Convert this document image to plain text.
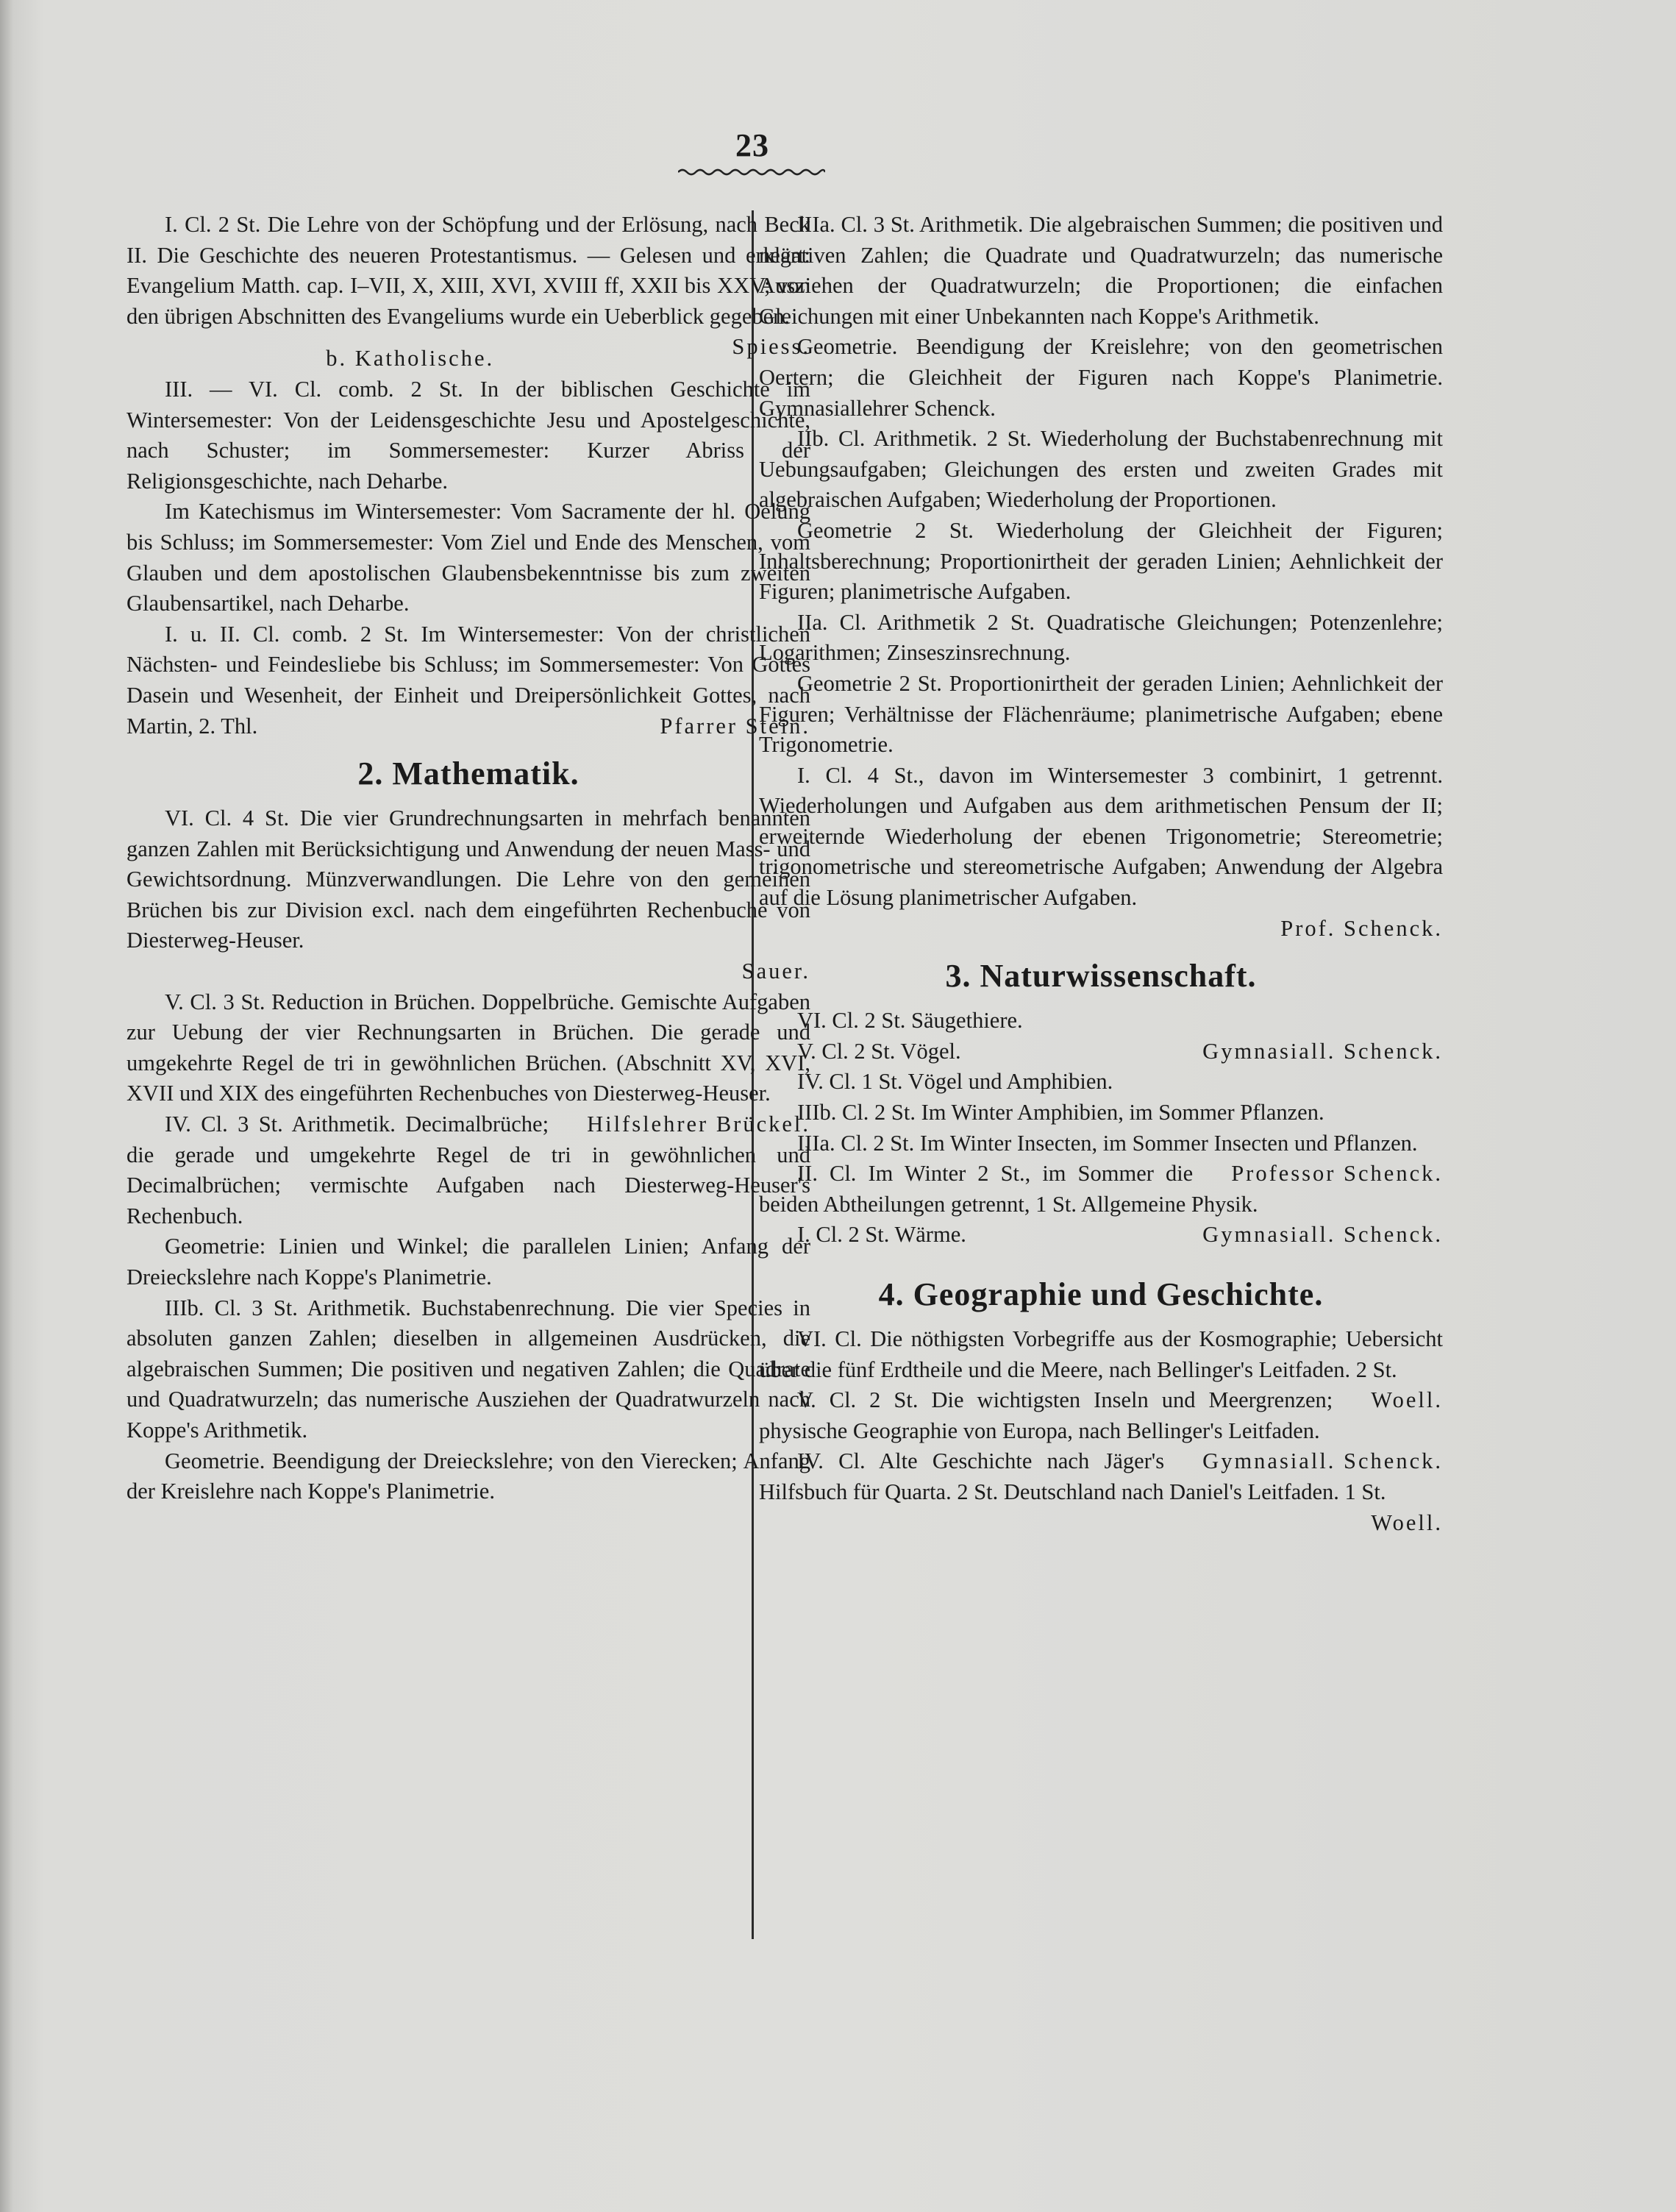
23

I. Cl. 2 St. Die Lehre von der Schöpfung und der Erlösung, nach Beck II. Die Geschichte des neueren Protestantismus. — Gelesen und erklärt: Evangelium Matth. cap. I–VII, X, XIII, XVI, XVIII ff, XXII bis XXV; von den übrigen Abschnitten des Evangeliums wurde ein Ueberblick gegeben.
Spiess.

b. Katholische.

III. — VI. Cl. comb. 2 St. In der biblischen Geschichte im Wintersemester: Von der Leidensgeschichte Jesu und Apostelgeschichte, nach Schuster; im Sommersemester: Kurzer Abriss der Religionsgeschichte, nach Deharbe.

Im Katechismus im Wintersemester: Vom Sacramente der hl. Oelung bis Schluss; im Sommersemester: Vom Ziel und Ende des Menschen, vom Glauben und dem apostolischen Glaubensbekenntnisse bis zum zweiten Glaubensartikel, nach Deharbe.

I. u. II. Cl. comb. 2 St. Im Wintersemester: Von der christlichen Nächsten- und Feindesliebe bis Schluss; im Sommersemester: Von Gottes Dasein und Wesenheit, der Einheit und Dreipersönlichkeit Gottes, nach Martin, 2. Thl.	Pfarrer Stein.

2. Mathematik.

VI. Cl. 4 St. Die vier Grundrechnungsarten in mehrfach benannten ganzen Zahlen mit Berücksichtigung und Anwendung der neuen Mass- und Gewichtsordnung. Münzverwandlungen. Die Lehre von den gemeinen Brüchen bis zur Division excl. nach dem eingeführten Rechenbuche von Diesterweg-Heuser.

Sauer.

V. Cl. 3 St. Reduction in Brüchen. Doppelbrüche. Gemischte Aufgaben zur Uebung der vier Rechnungsarten in Brüchen. Die gerade und umgekehrte Regel de tri in gewöhnlichen Brüchen. (Abschnitt XV, XVI, XVII und XIX des eingeführten Rechenbuches von Diesterweg-Heuser.
Hilfslehrer Brückel.

IV. Cl. 3 St. Arithmetik. Decimalbrüche; die gerade und umgekehrte Regel de tri in gewöhnlichen und Decimalbrüchen; vermischte Aufgaben nach Diesterweg-Heuser's Rechenbuch.

Geometrie: Linien und Winkel; die parallelen Linien; Anfang der Dreieckslehre nach Koppe's Planimetrie.

IIIb. Cl. 3 St. Arithmetik. Buchstabenrechnung. Die vier Species in absoluten ganzen Zahlen; dieselben in allgemeinen Ausdrücken, die algebraischen Summen; Die positiven und negativen Zahlen; die Quadrate und Quadratwurzeln; das numerische Ausziehen der Quadratwurzeln nach Koppe's Arithmetik.

Geometrie. Beendigung der Dreieckslehre; von den Vierecken; Anfang der Kreislehre nach Koppe's Planimetrie.

IIIa. Cl. 3 St. Arithmetik. Die algebraischen Summen; die positiven und negativen Zahlen; die Quadrate und Quadratwurzeln; das numerische Ausziehen der Quadratwurzeln; die Proportionen; die einfachen Gleichungen mit einer Unbekannten nach Koppe's Arithmetik.

Geometrie. Beendigung der Kreislehre; von den geometrischen Oertern; die Gleichheit der Figuren nach Koppe's Planimetrie. Gymnasiallehrer Schenck.

IIb. Cl. Arithmetik. 2 St. Wiederholung der Buchstabenrechnung mit Uebungsaufgaben; Gleichungen des ersten und zweiten Grades mit algebraischen Aufgaben; Wiederholung der Proportionen.

Geometrie 2 St. Wiederholung der Gleichheit der Figuren; Inhaltsberechnung; Proportionirtheit der geraden Linien; Aehnlichkeit der Figuren; planimetrische Aufgaben.

IIa. Cl. Arithmetik 2 St. Quadratische Gleichungen; Potenzenlehre; Logarithmen; Zinseszinsrechnung.

Geometrie 2 St. Proportionirtheit der geraden Linien; Aehnlichkeit der Figuren; Verhältnisse der Flächenräume; planimetrische Aufgaben; ebene Trigonometrie.

I. Cl. 4 St., davon im Wintersemester 3 combinirt, 1 getrennt. Wiederholungen und Aufgaben aus dem arithmetischen Pensum der II; erweiternde Wiederholung der ebenen Trigonometrie; Stereometrie; trigonometrische und stereometrische Aufgaben; Anwendung der Algebra auf die Lösung planimetrischer Aufgaben.

Prof. Schenck.

3. Naturwissenschaft.

VI. Cl. 2 St. Säugethiere.

V. Cl. 2 St. Vögel.	Gymnasiall. Schenck.

IV. Cl. 1 St. Vögel und Amphibien.

IIIb. Cl. 2 St. Im Winter Amphibien, im Sommer Pflanzen.

IIIa. Cl. 2 St. Im Winter Insecten, im Sommer Insecten und Pflanzen.
Professor Schenck.

II. Cl. Im Winter 2 St., im Sommer die beiden Abtheilungen getrennt, 1 St. Allgemeine Physik.

I. Cl. 2 St. Wärme.	Gymnasiall. Schenck.

4. Geographie und Geschichte.

VI. Cl. Die nöthigsten Vorbegriffe aus der Kosmographie; Uebersicht über die fünf Erdtheile und die Meere, nach Bellinger's Leitfaden. 2 St.
Woell.

V. Cl. 2 St. Die wichtigsten Inseln und Meergrenzen; physische Geographie von Europa, nach Bellinger's Leitfaden.
Gymnasiall. Schenck.

IV. Cl. Alte Geschichte nach Jäger's Hilfsbuch für Quarta. 2 St. Deutschland nach Daniel's Leitfaden. 1 St.
Woell.
